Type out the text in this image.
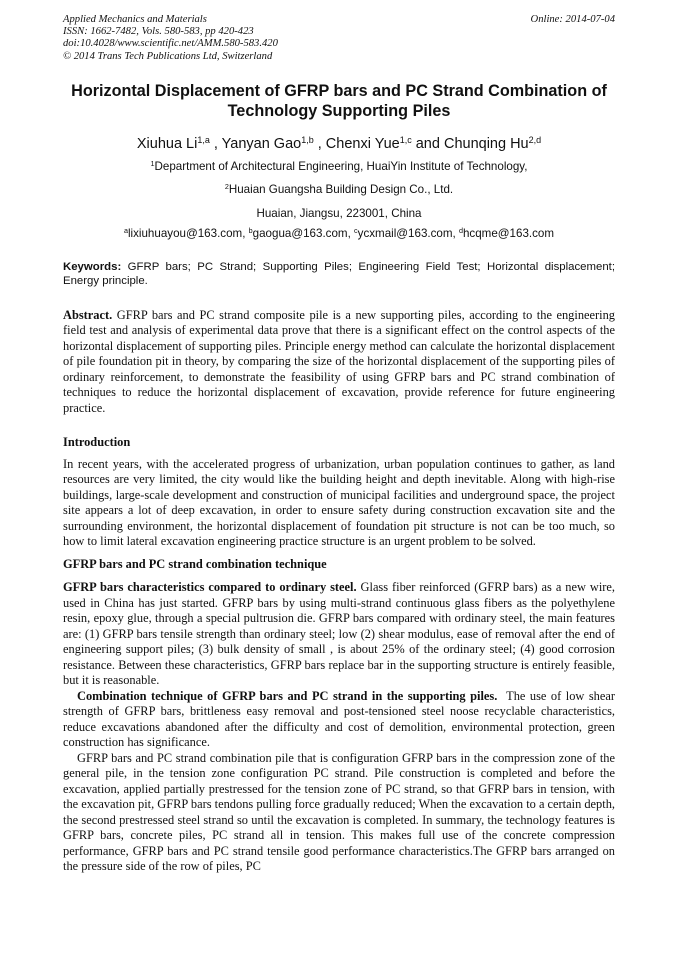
Applied Mechanics and Materials
ISSN: 1662-7482, Vols. 580-583, pp 420-423
doi:10.4028/www.scientific.net/AMM.580-583.420
© 2014 Trans Tech Publications Ltd, Switzerland
Online: 2014-07-04
Horizontal Displacement of GFRP bars and PC Strand Combination of Technology Supporting Piles
Xiuhua Li$^{1,a}$ , Yanyan Gao$^{1,b}$ , Chenxi Yue$^{1,c}$ and Chunqing Hu$^{2,d}$
$^1$Department of Architectural Engineering, HuaiYin Institute of Technology,
$^2$Huaian Guangsha Building Design Co., Ltd.
Huaian, Jiangsu, 223001, China
$^a$lixiuhuayou@163.com, $^b$gaogua@163.com, $^c$ycxmail@163.com, $^d$hcqme@163.com
Keywords: GFRP bars; PC Strand; Supporting Piles; Engineering Field Test; Horizontal displacement; Energy principle.
Abstract. GFRP bars and PC strand composite pile is a new supporting piles, according to the engineering field test and analysis of experimental data prove that there is a significant effect on the control aspects of the horizontal displacement of supporting piles. Principle energy method can calculate the horizontal displacement of pile foundation pit in theory, by comparing the size of the horizontal displacement of the supporting piles of ordinary reinforcement, to demonstrate the feasibility of using GFRP bars and PC strand combination of techniques to reduce the horizontal displacement of excavation, provide reference for future engineering practice.
Introduction

In recent years, with the accelerated progress of urbanization, urban population continues to gather, as land resources are very limited, the city would like the building height and depth inevitable. Along with high-rise buildings, large-scale development and construction of municipal facilities and underground space, the project site appears a lot of deep excavation, in order to ensure safety during construction excavation site and the surrounding environment, the horizontal displacement of foundation pit structure is not can be too much, so how to limit lateral excavation engineering practice structure is an urgent problem to be solved.

GFRP bars and PC strand combination technique

GFRP bars characteristics compared to ordinary steel. Glass fiber reinforced (GFRP bars) as a new wire, used in China has just started. GFRP bars by using multi-strand continuous glass fibers as the polyethylene resin, epoxy glue, through a special pultrusion die. GFRP bars compared with ordinary steel, the main features are: (1) GFRP bars tensile strength than ordinary steel; low (2) shear modulus, ease of removal after the end of engineering support piles; (3) bulk density of small , is about 25% of the ordinary steel; (4) good corrosion resistance. Between these characteristics, GFRP bars replace bar in the supporting structure is entirely feasible, but it is reasonable.

Combination technique of GFRP bars and PC strand in the supporting piles. The use of low shear strength of GFRP bars, brittleness easy removal and post-tensioned steel noose recyclable characteristics, reduce excavations abandoned after the difficulty and cost of demolition, environmental protection, green construction has significance.

GFRP bars and PC strand combination pile that is configuration GFRP bars in the compression zone of the general pile, in the tension zone configuration PC strand. Pile construction is completed and before the excavation, applied partially prestressed for the tension zone of PC strand, so that GFRP bars in tension, with the excavation pit, GFRP bars tendons pulling force gradually reduced; When the excavation to a certain depth, the second prestressed steel strand so until the excavation is completed. In summary, the technology features is GFRP bars, concrete piles, PC strand all in tension. This makes full use of the concrete compression performance, GFRP bars and PC strand tensile good performance characteristics.The GFRP bars arranged on the pressure side of the row of piles, PC
